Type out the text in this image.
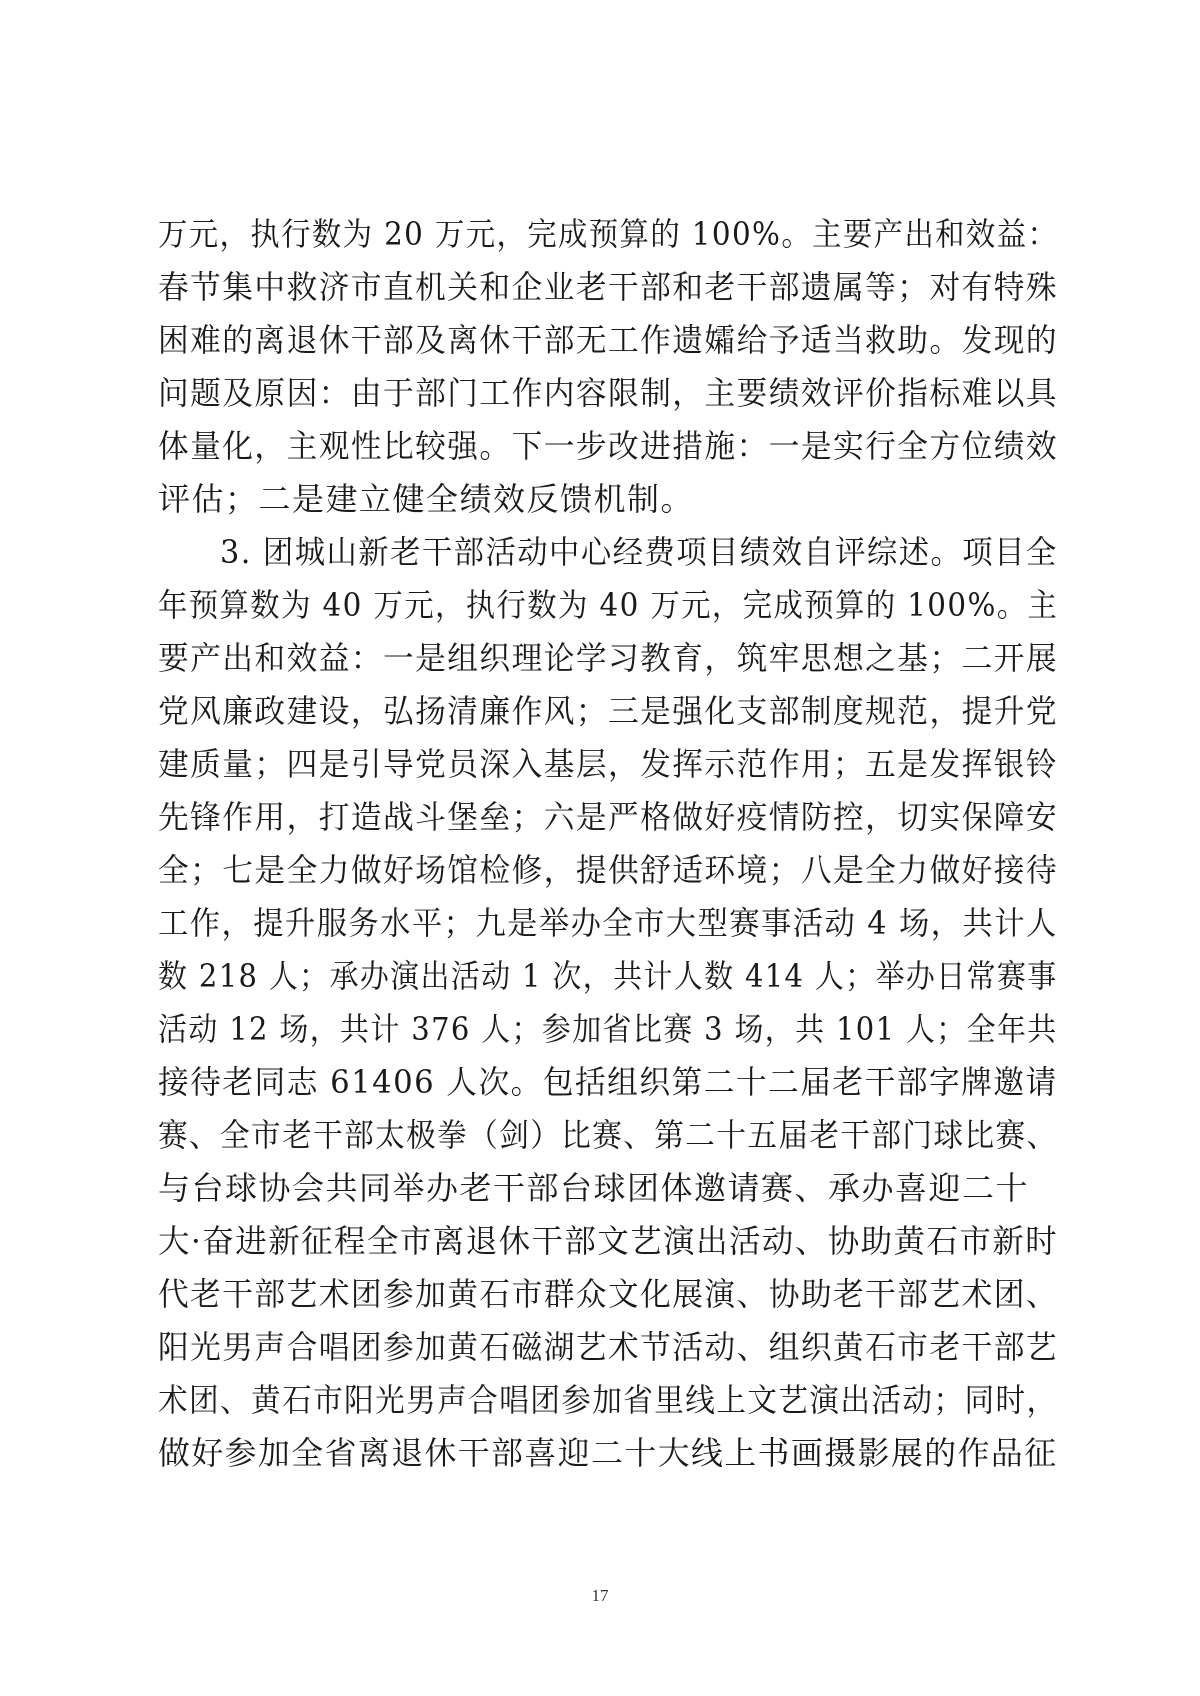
万元，执行数为 20 万元，完成预算的 100%。主要产出和效益：
春节集中救济市直机关和企业老干部和老干部遗属等；对有特殊
困难的离退休干部及离休干部无工作遗孀给予适当救助。发现的
问题及原因：由于部门工作内容限制，主要绩效评价指标难以具
体量化，主观性比较强。下一步改进措施：一是实行全方位绩效
评估；二是建立健全绩效反馈机制。
3. 团城山新老干部活动中心经费项目绩效自评综述。项目全
年预算数为 40 万元，执行数为 40 万元，完成预算的 100%。主
要产出和效益：一是组织理论学习教育，筑牢思想之基；二开展
党风廉政建设，弘扬清廉作风；三是强化支部制度规范，提升党
建质量；四是引导党员深入基层，发挥示范作用；五是发挥银铃
先锋作用，打造战斗堡垒；六是严格做好疫情防控，切实保障安
全；七是全力做好场馆检修，提供舒适环境；八是全力做好接待
工作，提升服务水平；九是举办全市大型赛事活动 4 场，共计人
数 218 人；承办演出活动 1 次，共计人数 414 人；举办日常赛事
活动 12 场，共计 376 人；参加省比赛 3 场，共 101 人；全年共
接待老同志 61406 人次。包括组织第二十二届老干部字牌邀请
赛、全市老干部太极拳（剑）比赛、第二十五届老干部门球比赛、
与台球协会共同举办老干部台球团体邀请赛、承办喜迎二十
大·奋进新征程全市离退休干部文艺演出活动、协助黄石市新时
代老干部艺术团参加黄石市群众文化展演、协助老干部艺术团、
阳光男声合唱团参加黄石磁湖艺术节活动、组织黄石市老干部艺
术团、黄石市阳光男声合唱团参加省里线上文艺演出活动；同时，
做好参加全省离退休干部喜迎二十大线上书画摄影展的作品征
17
